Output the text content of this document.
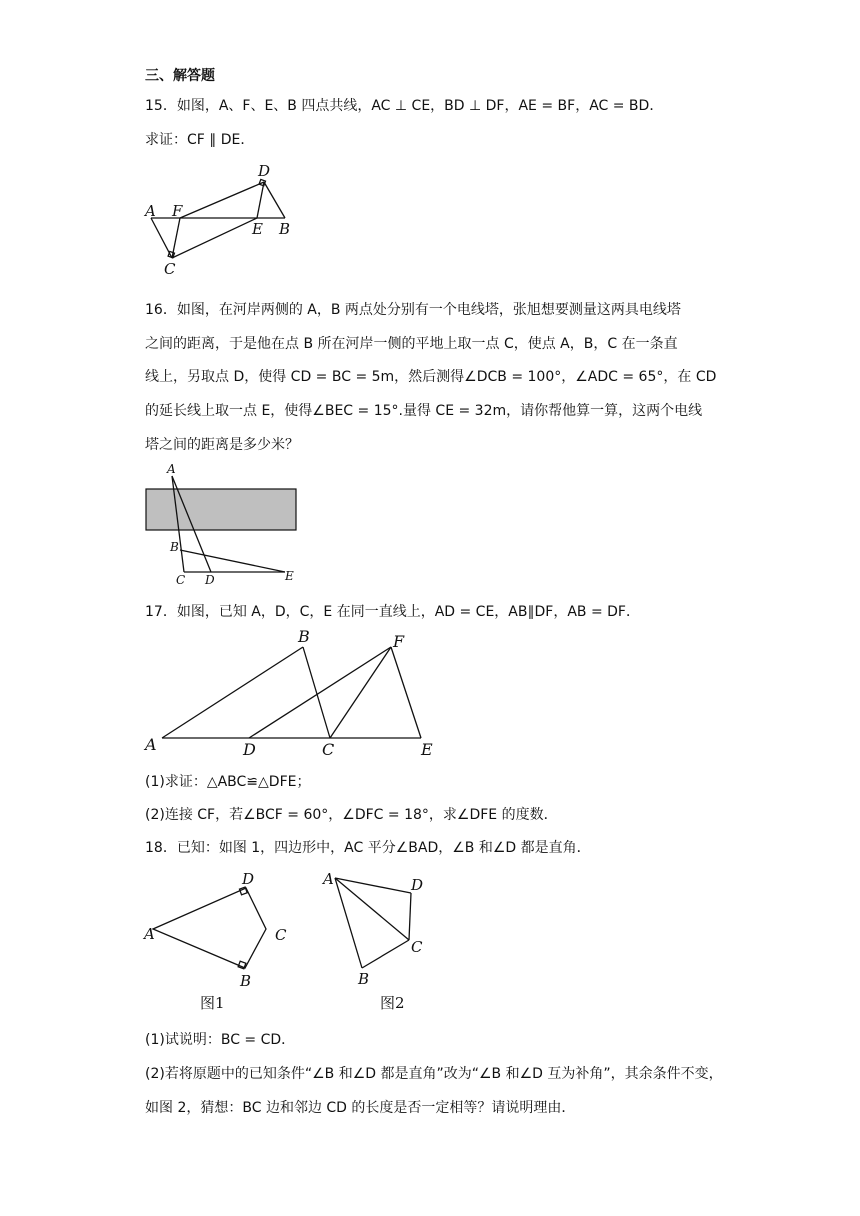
三、解答题
15．如图，A、F、E、B 四点共线，AC ⊥ CE，BD ⊥ DF，AE = BF，AC = BD．
求证：CF ∥ DE．
A F
E B
C
D
A
B
C D	E
A
B
C
D	E
F
D
A	C
B
图1
A	D
C
B
图2
16．如图，在河岸两侧的 A，B 两点处分别有一个电线塔，张旭想要测量这两具电线塔
之间的距离，于是他在点 B 所在河岸一侧的平地上取一点 C，使点 A，B，C 在一条直
线上，另取点 D，使得 CD = BC = 5m，然后测得∠DCB = 100°，∠ADC = 65°，在 CD
的延长线上取一点 E，使得∠BEC = 15°.量得 CE = 32m，请你帮他算一算，这两个电线
塔之间的距离是多少米？
17．如图，已知 A，D，C，E 在同一直线上，AD = CE，AB∥DF，AB = DF．
(1)求证：△ABC≌△DFE；
(2)连接 CF，若∠BCF = 60°，∠DFC = 18°，求∠DFE 的度数．
18．已知：如图 1，四边形中，AC 平分∠BAD，∠B 和∠D 都是直角．
(1)试说明：BC = CD．
(2)若将原题中的已知条件“∠B 和∠D 都是直角”改为“∠B 和∠D 互为补角”，其余条件不变，
如图 2，猜想：BC 边和邻边 CD 的长度是否一定相等？请说明理由．
